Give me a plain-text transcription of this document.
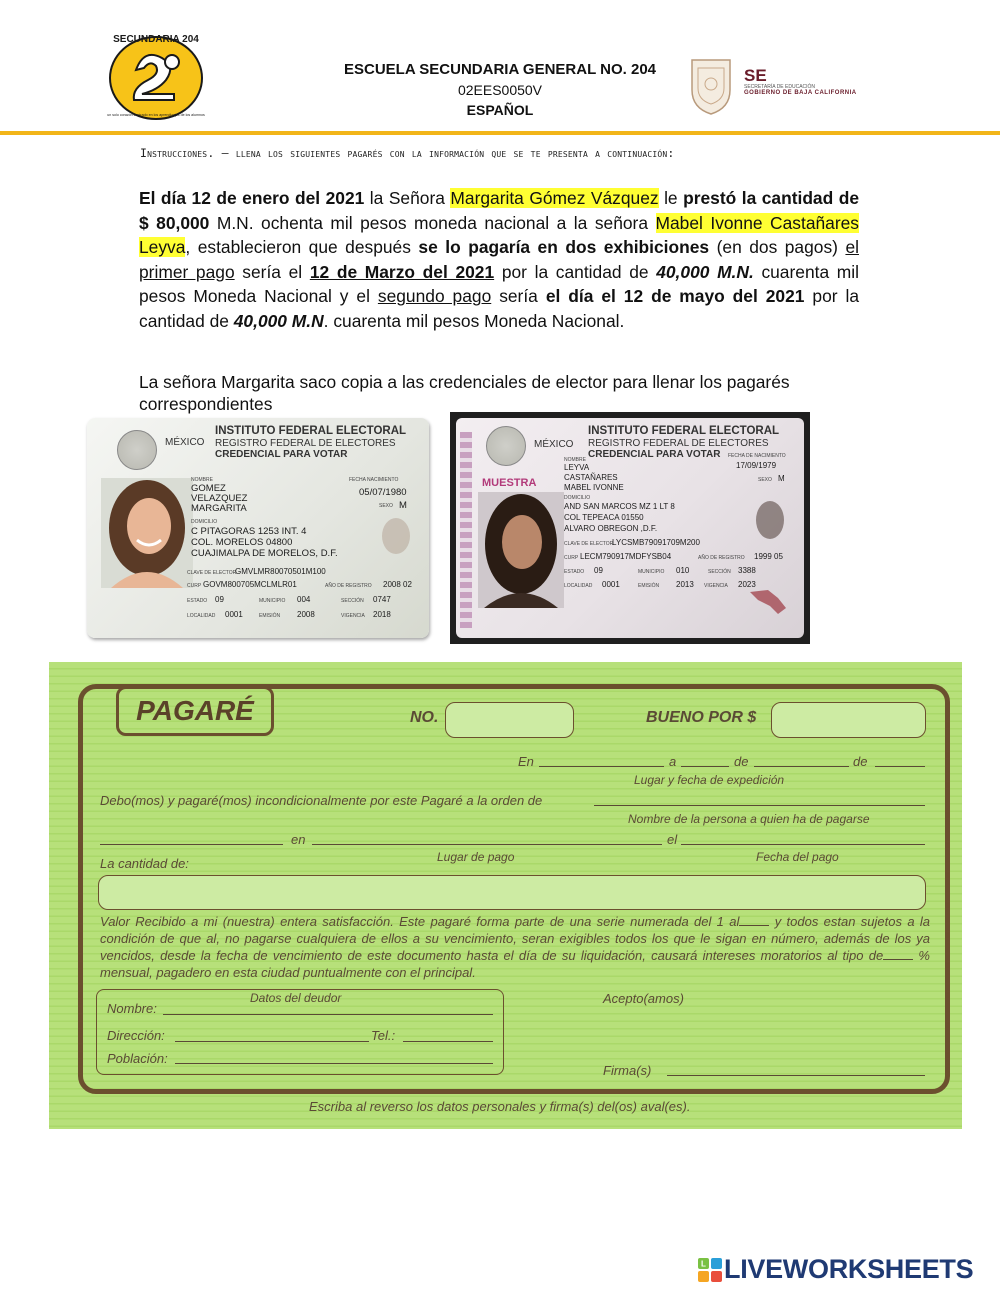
SECUNDARIA 204
un solo corazón centrado en los aprendizajes de los alumnos
ESCUELA SECUNDARIA GENERAL NO. 204
02EES0050V
ESPAÑOL
SE
SECRETARÍA DE EDUCACIÓN
GOBIERNO DE BAJA CALIFORNIA
Instrucciones. – llena los siguientes pagarés con la información que se te presenta a continuación:
El día 12 de enero del 2021 la Señora Margarita Gómez Vázquez le prestó la cantidad de $ 80,000 M.N. ochenta mil pesos moneda nacional a la señora Mabel Ivonne Castañares Leyva, establecieron que después se lo pagaría en dos exhibiciones (en dos pagos) el primer pago sería el 12 de Marzo del 2021 por la cantidad de 40,000 M.N. cuarenta mil pesos Moneda Nacional y el segundo pago sería el día el 12 de mayo del 2021 por la cantidad de 40,000 M.N. cuarenta mil pesos Moneda Nacional.
La señora Margarita saco copia a las credenciales de elector para llenar los pagarés correspondientes
MÉXICO
INSTITUTO FEDERAL ELECTORAL
REGISTRO FEDERAL DE ELECTORES
CREDENCIAL PARA VOTAR
NOMBRE
GOMEZ
VELAZQUEZ
MARGARITA
FECHA NACIMIENTO
05/07/1980
SEXO M
DOMICILIO
C PITAGORAS 1253 INT. 4
COL. MORELOS 04800
CUAJIMALPA DE MORELOS, D.F.
CLAVE DE ELECTOR
GMVLMR80070501M100
CURP GOVM800705MCLMLR01	AÑO DE REGISTRO 2008 02
ESTADO 09	MUNICIPIO 004	SECCIÓN 0747
LOCALIDAD 0001	EMISIÓN 2008	VIGENCIA 2018
MÉXICO
INSTITUTO FEDERAL ELECTORAL
REGISTRO FEDERAL DE ELECTORES
CREDENCIAL PARA VOTAR
MUESTRA
NOMBRE
LEYVA
CASTAÑARES
MABEL IVONNE
FECHA DE NACIMIENTO
17/09/1979
SEXO M
DOMICILIO
AND SAN MARCOS MZ 1 LT 8
COL TEPEACA 01550
ALVARO OBREGON ,D.F.
CLAVE DE ELECTOR
LYCSMB79091709M200
CURP LECM790917MDFYSB04	AÑO DE REGISTRO 1999 05
ESTADO 09	MUNICIPIO 010	SECCIÓN 3388
LOCALIDAD 0001	EMISIÓN 2013 VIGENCIA 2023
PAGARÉ	NO.	BUENO POR $
En	a	de	de
Lugar y fecha de expedición
Debo(mos) y pagaré(mos) incondicionalmente por este Pagaré a la orden de
Nombre de la persona a quien ha de pagarse
en	el
La cantidad de:	Lugar de pago	Fecha del pago
Valor Recibido a mi (nuestra) entera satisfacción. Este pagaré forma parte de una serie numerada del 1 al y todos estan sujetos a la condición de que al, no pagarse cualquiera de ellos a su vencimiento, seran exigibles todos los que le sigan en número, además de los ya vencidos, desde la fecha de vencimiento de este documento hasta el día de su liquidación, causará intereses moratorios al tipo de % mensual, pagadero en esta ciudad puntualmente con el principal.
Datos del deudor
Nombre:
Dirección:	Tel.:
Población:
Acepto(amos)
Firma(s)
Escriba al reverso los datos personales y firma(s) del(os) aval(es).
L LIVEWORKSHEETS
